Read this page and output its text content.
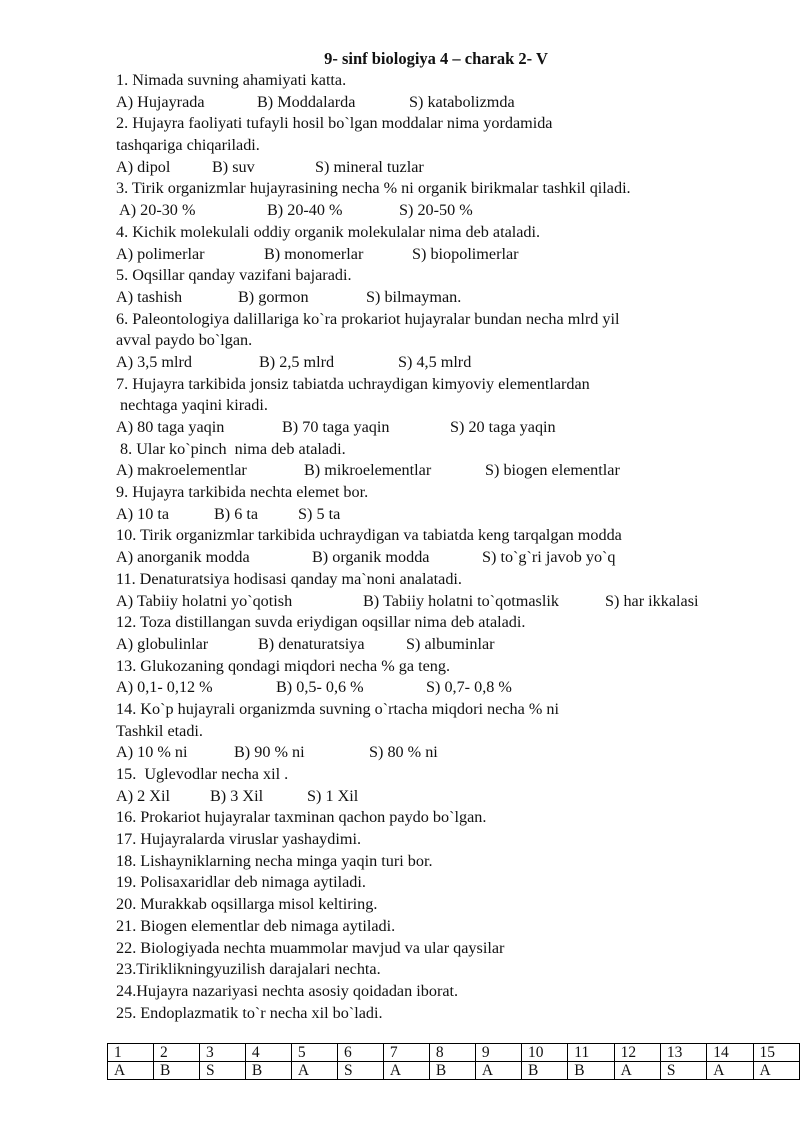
9- sinf biologiya 4 – charak 2- V
1. Nimada suvning ahamiyati katta.
A) Hujayrada	B) Moddalarda	S) katabolizmda
2. Hujayra faoliyati tufayli hosil bo`lgan moddalar nima yordamida
tashqariga chiqariladi.
A) dipol	B) suv	S) mineral tuzlar
3. Tirik organizmlar hujayrasining necha % ni organik birikmalar tashkil qiladi.
A) 20-30 %	B) 20-40 %	S) 20-50 %
4. Kichik molekulali oddiy organik molekulalar nima deb ataladi.
A) polimerlar	B) monomerlar	S) biopolimerlar
5. Oqsillar qanday vazifani bajaradi.
A) tashish	B) gormon	S) bilmayman.
6. Paleontologiya dalillariga ko`ra prokariot hujayralar bundan necha mlrd yil
avval paydo bo`lgan.
A) 3,5 mlrd	B) 2,5 mlrd	S) 4,5 mlrd
7. Hujayra tarkibida jonsiz tabiatda uchraydigan kimyoviy elementlardan
nechtaga yaqini kiradi.
A) 80 taga yaqin	B) 70 taga yaqin	S) 20 taga yaqin
8. Ular ko`pinch  nima deb ataladi.
A) makroelementlar	B) mikroelementlar	S) biogen elementlar
9. Hujayra tarkibida nechta elemet bor.
A) 10 ta	B) 6 ta S) 5 ta
10. Tirik organizmlar tarkibida uchraydigan va tabiatda keng tarqalgan modda
A) anorganik modda	B) organik modda	S) to`g`ri javob yo`q
11. Denaturatsiya hodisasi qanday ma`noni analatadi.
A) Tabiiy holatni yo`qotish	B) Tabiiy holatni to`qotmaslik	S) har ikkalasi
12. Toza distillangan suvda eriydigan oqsillar nima deb ataladi.
A) globulinlar	B) denaturatsiya	S) albuminlar
13. Glukozaning qondagi miqdori necha % ga teng.
A) 0,1- 0,12 %	B) 0,5- 0,6 %	S) 0,7- 0,8 %
14. Ko`p hujayrali organizmda suvning o`rtacha miqdori necha % ni
Tashkil etadi.
A) 10 % ni	B) 90 % ni	S) 80 % ni
15.  Uglevodlar necha xil .
A) 2 Xil B) 3 Xil	S) 1 Xil
16. Prokariot hujayralar taxminan qachon paydo bo`lgan.
17. Hujayralarda viruslar yashaydimi.
18. Lishayniklarning necha minga yaqin turi bor.
19. Polisaxaridlar deb nimaga aytiladi.
20. Murakkab oqsillarga misol keltiring.
21. Biogen elementlar deb nimaga aytiladi.
22. Biologiyada nechta muammolar mavjud va ular qaysilar
23.Tiriklikningyuzilish darajalari nechta.
24.Hujayra nazariyasi nechta asosiy qoidadan iborat.
25. Endoplazmatik to`r necha xil bo`ladi.
1	2	3	4	5	6	7	8	9	10	11	12	13	14	15
A	B	S	B	A	S	A	B	A	B	B	A	S	A	A
